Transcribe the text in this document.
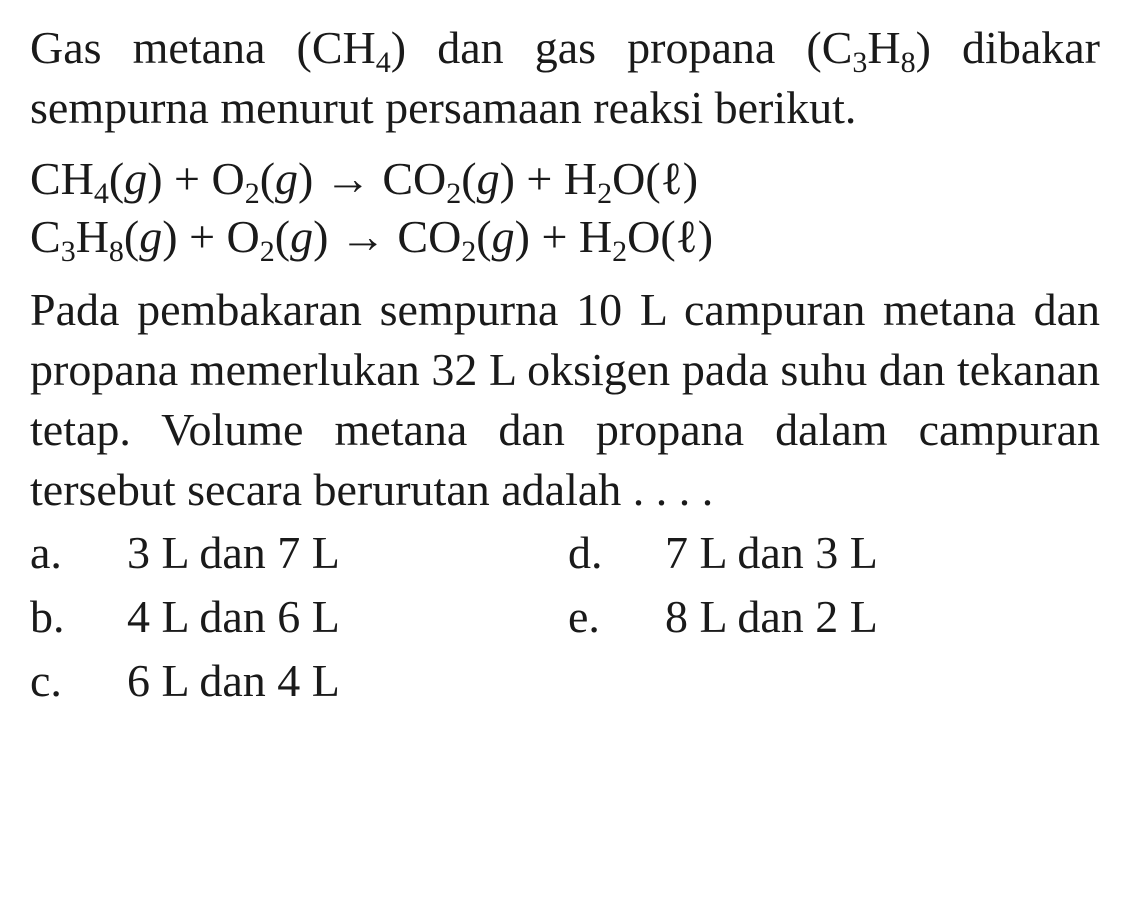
Gas metana $(CH_4)$ dan gas propana $(C_3H_8)$ dibakar sempurna menurut persamaan reaksi berikut.

$CH_4(g) + O_2(g) \to CO_2(g)$ + $H_2O(\ell)$

$C_3H_8(g) + O_2(g) \to CO_2(g)$ + $H_2O(\ell)$

Pada pembakaran sempurna 10 L campuran metana dan propana memerlukan 32 L oksigen pada suhu dan tekanan tetap. Volume metana dan propana dalam campuran tersebut secara berurutan adalah . . . .

a. 3 L dan 7 L
b. 4 L dan 6 L
c. 6 L dan 4 L
d. 7 L dan 3 L
e. 8 L dan 2 L
